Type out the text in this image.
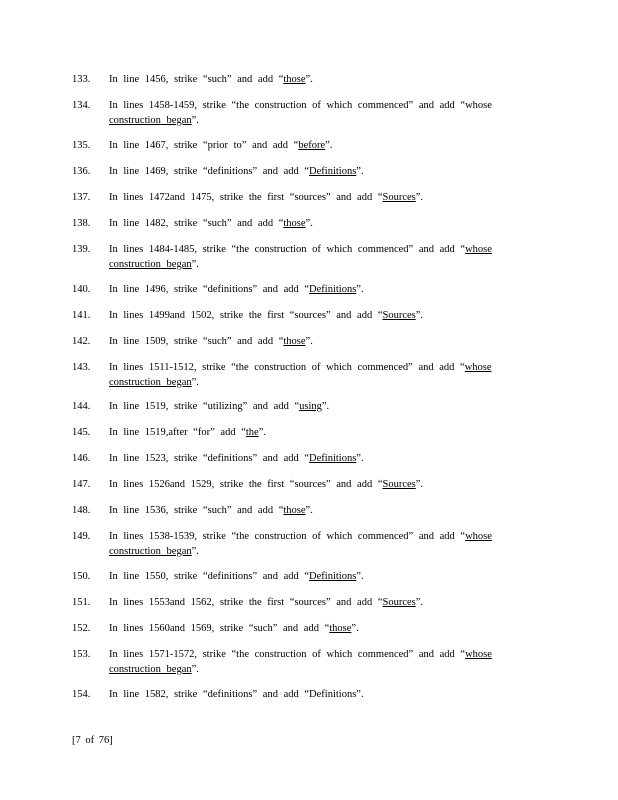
133.	In line 1456, strike “such” and add “those”.
134.	In lines 1458-1459, strike “the construction of which commenced” and add “whose construction began”.
135.	In line 1467, strike “prior to” and add “before”.
136.	In line 1469, strike “definitions” and add “Definitions”.
137.	In lines 1472and 1475, strike the first “sources” and add “Sources”.
138.	In line 1482, strike “such” and add “those”.
139.	In lines 1484-1485, strike “the construction of which commenced” and add “whose construction began”.
140.	In line 1496, strike “definitions” and add “Definitions”.
141.	In lines 1499and 1502, strike the first “sources” and add “Sources”.
142.	In line 1509, strike “such” and add “those”.
143.	In lines 1511-1512, strike “the construction of which commenced” and add “whose construction began”.
144.	In line 1519, strike “utilizing” and add “using”.
145.	In line 1519,after “for” add “the”.
146.	In line 1523, strike “definitions” and add “Definitions”.
147.	In lines 1526and 1529, strike the first “sources” and add “Sources”.
148.	In line 1536, strike “such” and add “those”.
149.	In lines 1538-1539, strike “the construction of which commenced” and add “whose construction began”.
150.	In line 1550, strike “definitions” and add “Definitions”.
151.	In lines 1553and 1562, strike the first “sources” and add “Sources”.
152.	In lines 1560and 1569, strike “such” and add “those”.
153.	In lines 1571-1572, strike “the construction of which commenced” and add “whose construction began”.
154.	In line 1582, strike “definitions” and add “Definitions”.
[7 of 76]
